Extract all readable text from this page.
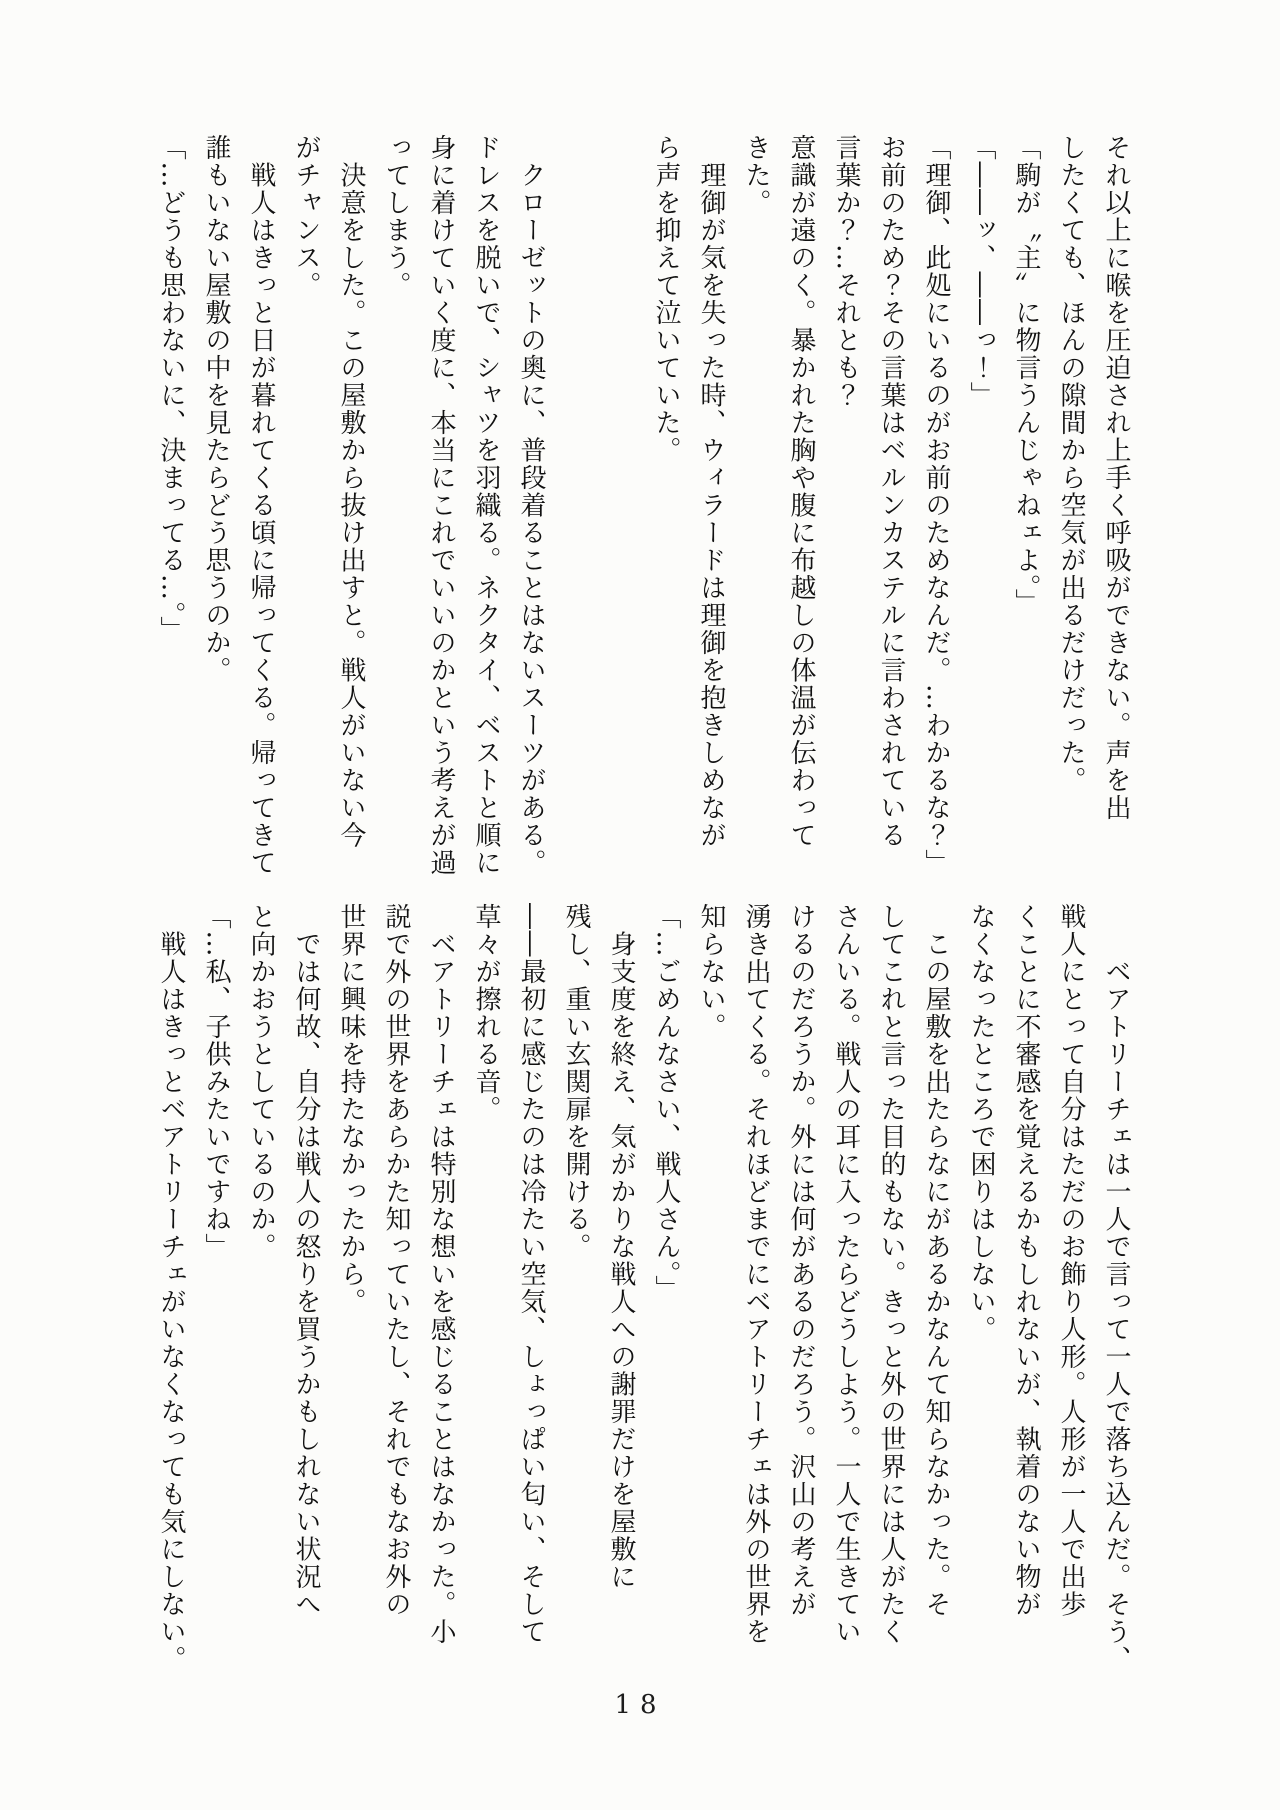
それ以上に喉を圧迫され上手く呼吸ができない。声を出
したくても、ほんの隙間から空気が出るだけだった。
「駒が〝主〟に物言うんじゃねェよ。」
「――ッ、――っ！」
「理御、此処にいるのがお前のためなんだ。…わかるな？」
お前のため？その言葉はベルンカステルに言わされている
言葉か？…それとも？
意識が遠のく。暴かれた胸や腹に布越しの体温が伝わって
きた。
　理御が気を失った時、ウィラードは理御を抱きしめなが
ら声を抑えて泣いていた。

　クローゼットの奥に、普段着ることはないスーツがある。
ドレスを脱いで、シャツを羽織る。ネクタイ、ベストと順に
身に着けていく度に、本当にこれでいいのかという考えが過
ってしまう。
　決意をした。この屋敷から抜け出すと。戦人がいない今
がチャンス。
　戦人はきっと日が暮れてくる頃に帰ってくる。帰ってきて
誰もいない屋敷の中を見たらどう思うのか。
「…どうも思わないに、決まってる…。」
　　ベアトリーチェは一人で言って一人で落ち込んだ。そう、
戦人にとって自分はただのお飾り人形。人形が一人で出歩
くことに不審感を覚えるかもしれないが、執着のない物が
なくなったところで困りはしない。
　この屋敷を出たらなにがあるかなんて知らなかった。そ
してこれと言った目的もない。きっと外の世界には人がたく
さんいる。戦人の耳に入ったらどうしよう。一人で生きてい
けるのだろうか。外には何があるのだろう。沢山の考えが
湧き出てくる。それほどまでにベアトリーチェは外の世界を
知らない。
「…ごめんなさい、戦人さん。」
　身支度を終え、気がかりな戦人への謝罪だけを屋敷に
残し、重い玄関扉を開ける。
――最初に感じたのは冷たい空気、しょっぱい匂い、そして
草々が擦れる音。
　ベアトリーチェは特別な想いを感じることはなかった。小
説で外の世界をあらかた知っていたし、それでもなお外の
世界に興味を持たなかったから。
　では何故、自分は戦人の怒りを買うかもしれない状況へ
と向かおうとしているのか。
「…私、子供みたいですね」
　戦人はきっとベアトリーチェがいなくなっても気にしない。
18
